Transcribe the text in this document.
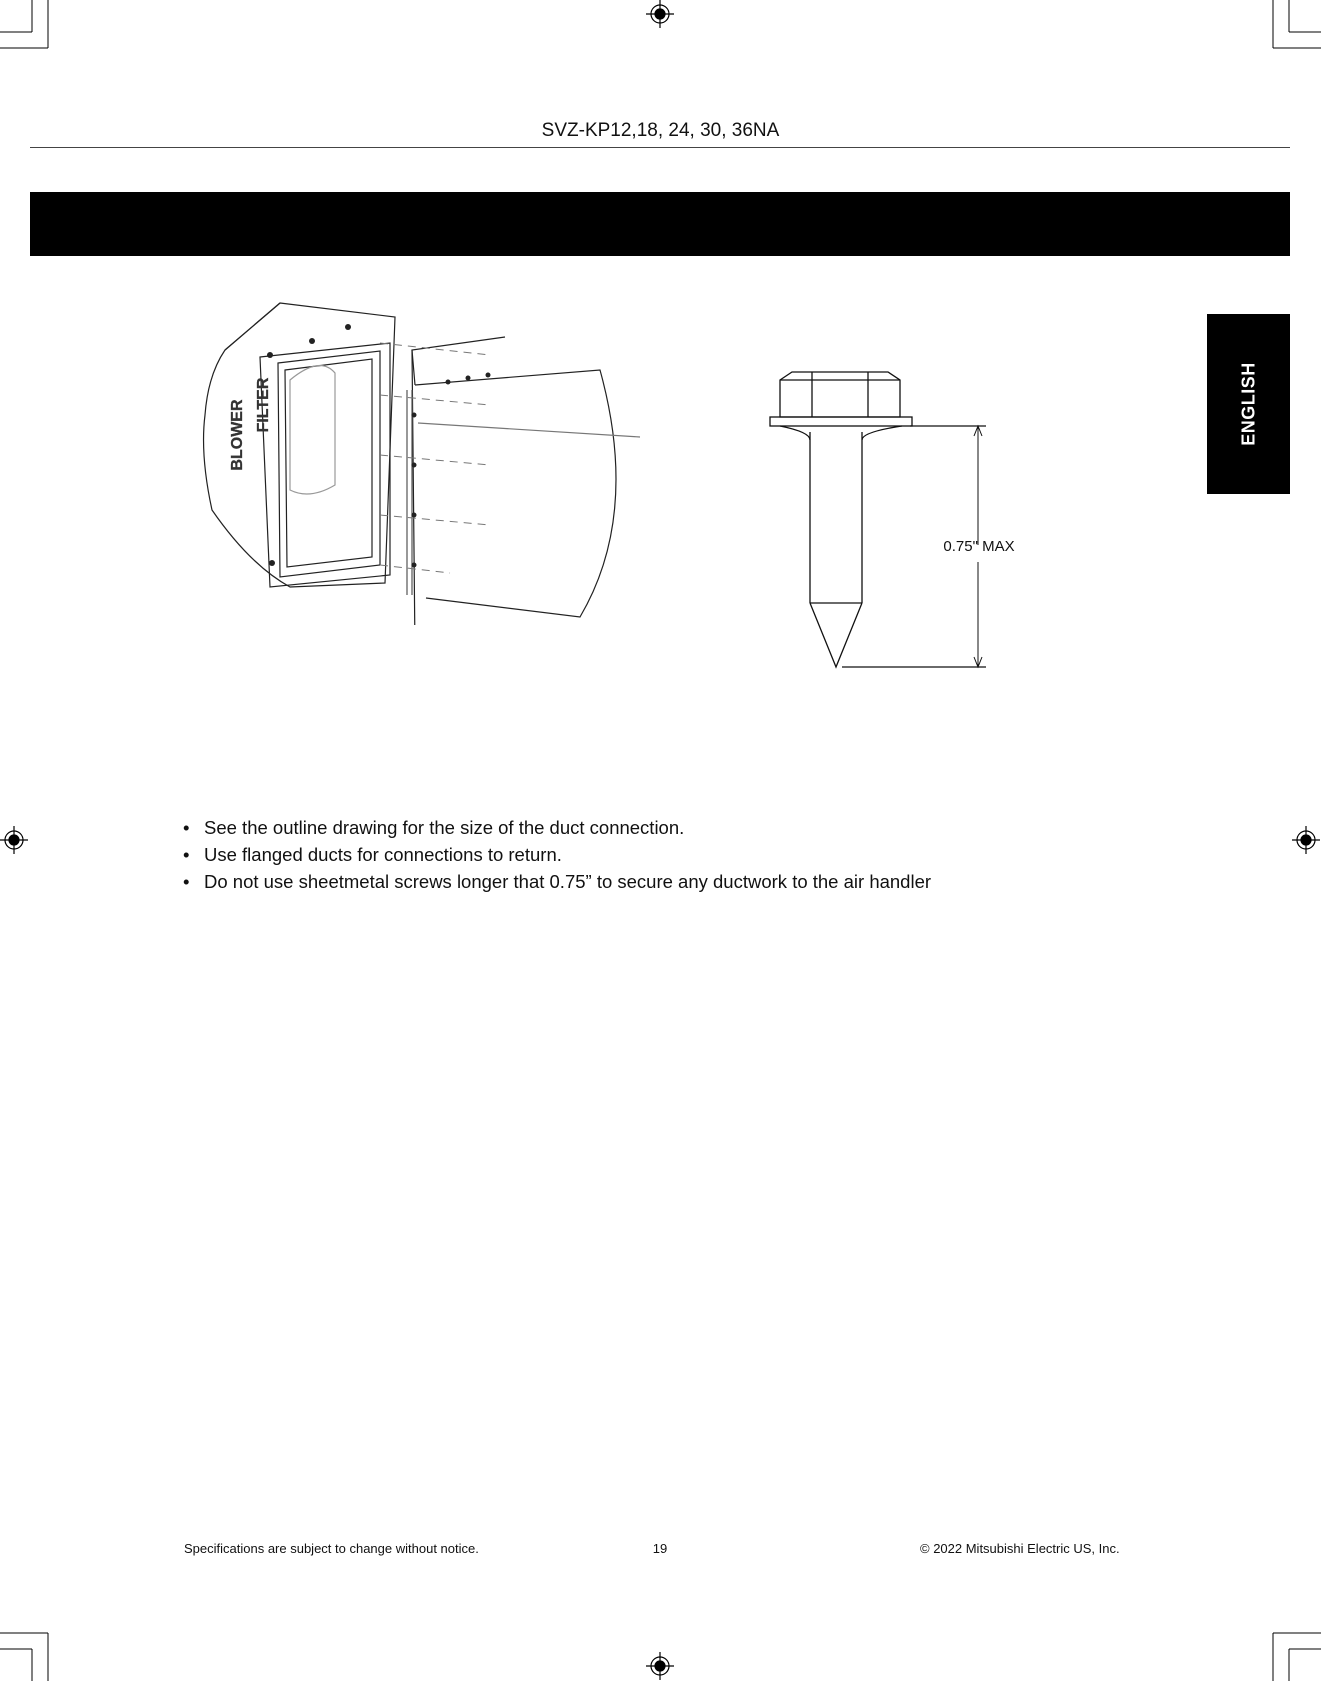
SVZ-KP12,18, 24, 30, 36NA
ENGLISH
BLOWER FILTER
0.75" MAX
• See the outline drawing for the size of the duct connection.
• Use flanged ducts for connections to return.
• Do not use sheetmetal screws longer that 0.75” to secure any ductwork to the air handler
Specifications are subject to change without notice.	19	© 2022 Mitsubishi Electric US, Inc.
